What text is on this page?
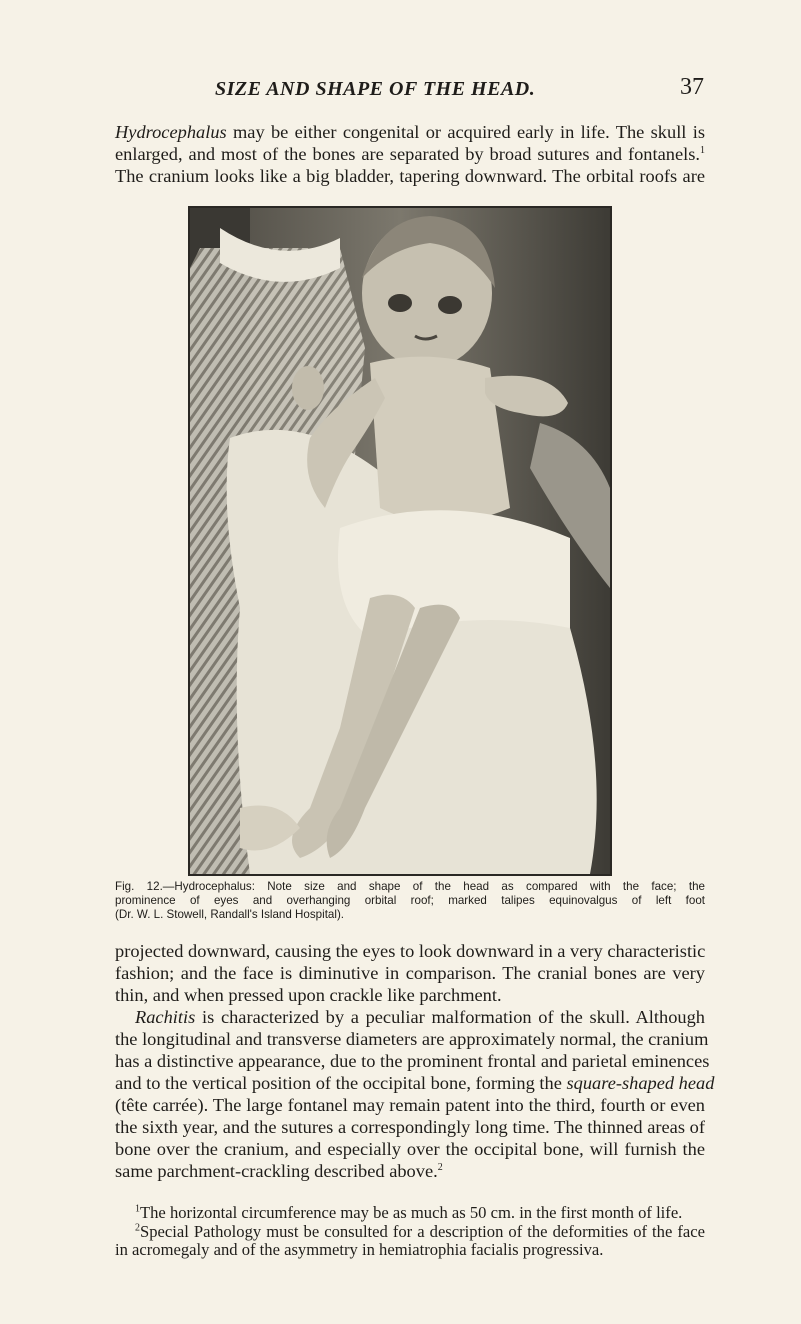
SIZE AND SHAPE OF THE HEAD.	37
Hydrocephalus may be either congenital or acquired early in life. The skull is
enlarged, and most of the bones are separated by broad sutures and fontanels.$^1$
The cranium looks like a big bladder, tapering downward. The orbital roofs are
Fig. 12.—Hydrocephalus: Note size and shape of the head as compared with the face; the
prominence of eyes and overhanging orbital roof; marked talipes equinovalgus of left foot
(Dr. W. L. Stowell, Randall's Island Hospital).
projected downward, causing the eyes to look downward in a very characteristic
fashion; and the face is diminutive in comparison. The cranial bones are very
thin, and when pressed upon crackle like parchment.
Rachitis is characterized by a peculiar malformation of the skull. Although
the longitudinal and transverse diameters are approximately normal, the cranium
has a distinctive appearance, due to the prominent frontal and parietal eminences
and to the vertical position of the occipital bone, forming the square-shaped head
(tête carrée). The large fontanel may remain patent into the third, fourth or even
the sixth year, and the sutures a correspondingly long time. The thinned areas of
bone over the cranium, and especially over the occipital bone, will furnish the
same parchment-crackling described above.$^2$
$^1$The horizontal circumference may be as much as 50 cm. in the first month of life.
$^2$Special Pathology must be consulted for a description of the deformities of the face
in acromegaly and of the asymmetry in hemiatrophia facialis progressiva.
